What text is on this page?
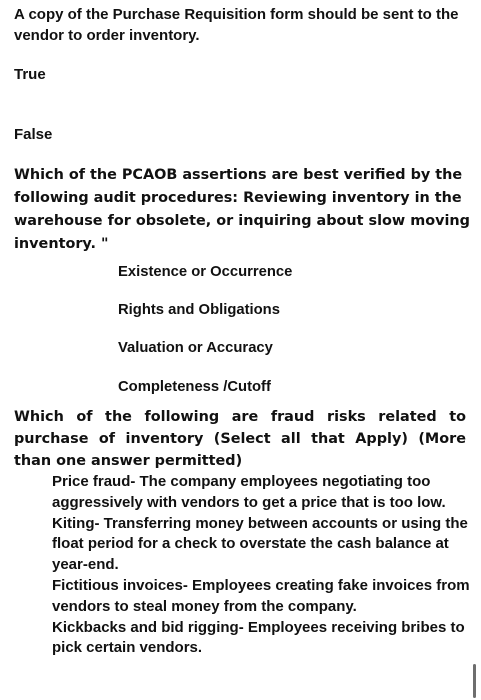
A copy of the Purchase Requisition form should be sent to the vendor to order inventory.
True
False
Which of the PCAOB assertions are best verified by the following audit procedures: Reviewing inventory in the warehouse for obsolete, or inquiring about slow moving inventory. "
Existence or Occurrence
Rights and Obligations
Valuation or Accuracy
Completeness /Cutoff
Which of the following are fraud risks related to purchase of inventory (Select all that Apply) (More than one answer permitted)

Price fraud- The company employees negotiating too aggressively with vendors to get a price that is too low.

Kiting- Transferring money between accounts or using the float period for a check to overstate the cash balance at year-end.

Fictitious invoices- Employees creating fake invoices from vendors to steal money from the company.

Kickbacks and bid rigging- Employees receiving bribes to pick certain vendors.
